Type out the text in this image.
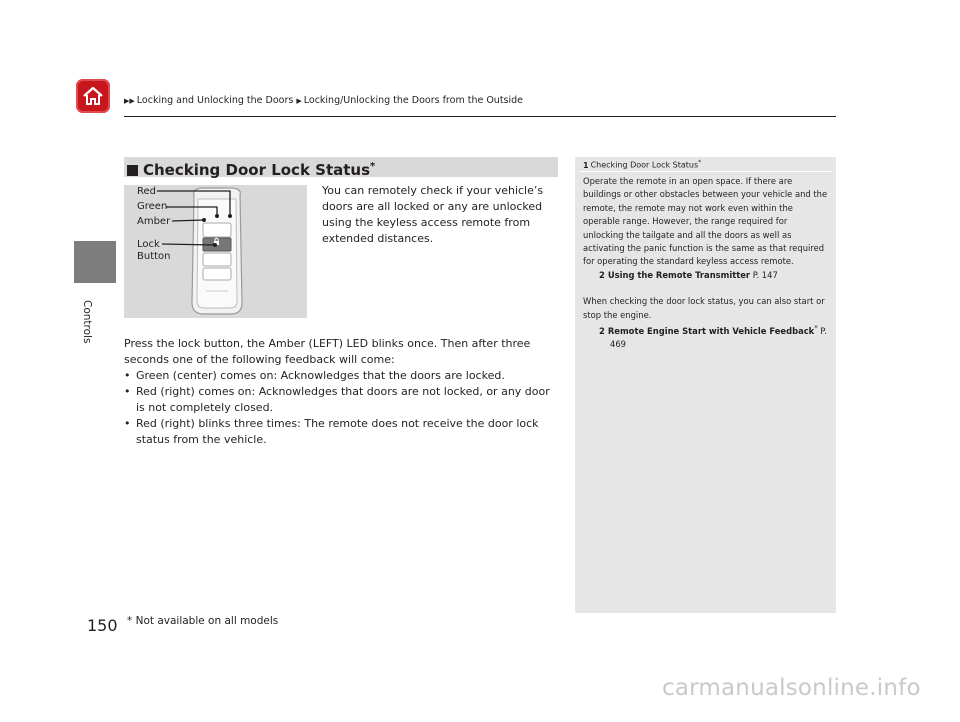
▶▶ Locking and Unlocking the Doors ▶ Locking/Unlocking the Doors from the Outside
Controls
Checking Door Lock Status*
Red
Green
Amber
Lock
Button
You can remotely check if your vehicle’s doors are all locked or any are unlocked using the keyless access remote from extended distances.

Press the lock button, the Amber (LEFT) LED blinks once. Then after three seconds one of the following feedback will come:

• Green (center) comes on: Acknowledges that the doors are locked.
• Red (right) comes on: Acknowledges that doors are not locked, or any door is not completely closed.
• Red (right) blinks three times: The remote does not receive the door lock status from the vehicle.
1 Checking Door Lock Status*

Operate the remote in an open space. If there are buildings or other obstacles between your vehicle and the remote, the remote may not work even within the operable range. However, the range required for unlocking the tailgate and all the doors as well as activating the panic function is the same as that required for operating the standard keyless access remote.

2 Using the Remote Transmitter P. 147

When checking the door lock status, you can also start or stop the engine.

2 Remote Engine Start with Vehicle Feedback* P. 469

150 * Not available on all models
carmanualsonline.info
